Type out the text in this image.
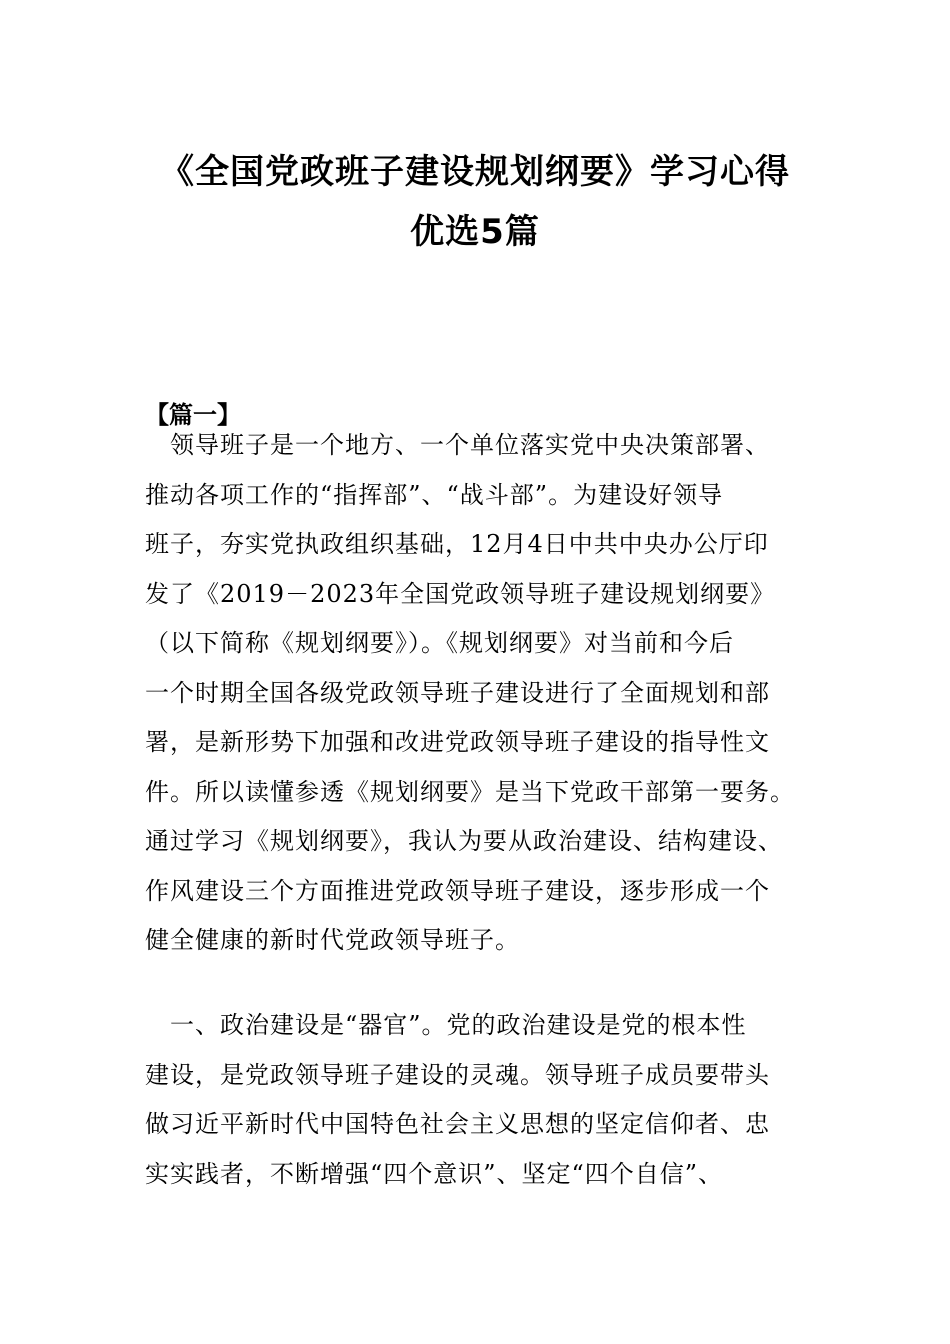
《全国党政班子建设规划纲要》学习心得
优选5篇
【篇一】
　领导班子是一个地方、一个单位落实党中央决策部署、
推动各项工作的“指挥部”、“战斗部”。为建设好领导
班子，夯实党执政组织基础，12月4日中共中央办公厅印
发了《2019－2023年全国党政领导班子建设规划纲要》
（以下简称《规划纲要》）。《规划纲要》对当前和今后
一个时期全国各级党政领导班子建设进行了全面规划和部
署，是新形势下加强和改进党政领导班子建设的指导性文
件。所以读懂参透《规划纲要》是当下党政干部第一要务。
通过学习《规划纲要》，我认为要从政治建设、结构建设、
作风建设三个方面推进党政领导班子建设，逐步形成一个
健全健康的新时代党政领导班子。
　一、政治建设是“器官”。党的政治建设是党的根本性
建设，是党政领导班子建设的灵魂。领导班子成员要带头
做习近平新时代中国特色社会主义思想的坚定信仰者、忠
实实践者，不断增强“四个意识”、坚定“四个自信”、
